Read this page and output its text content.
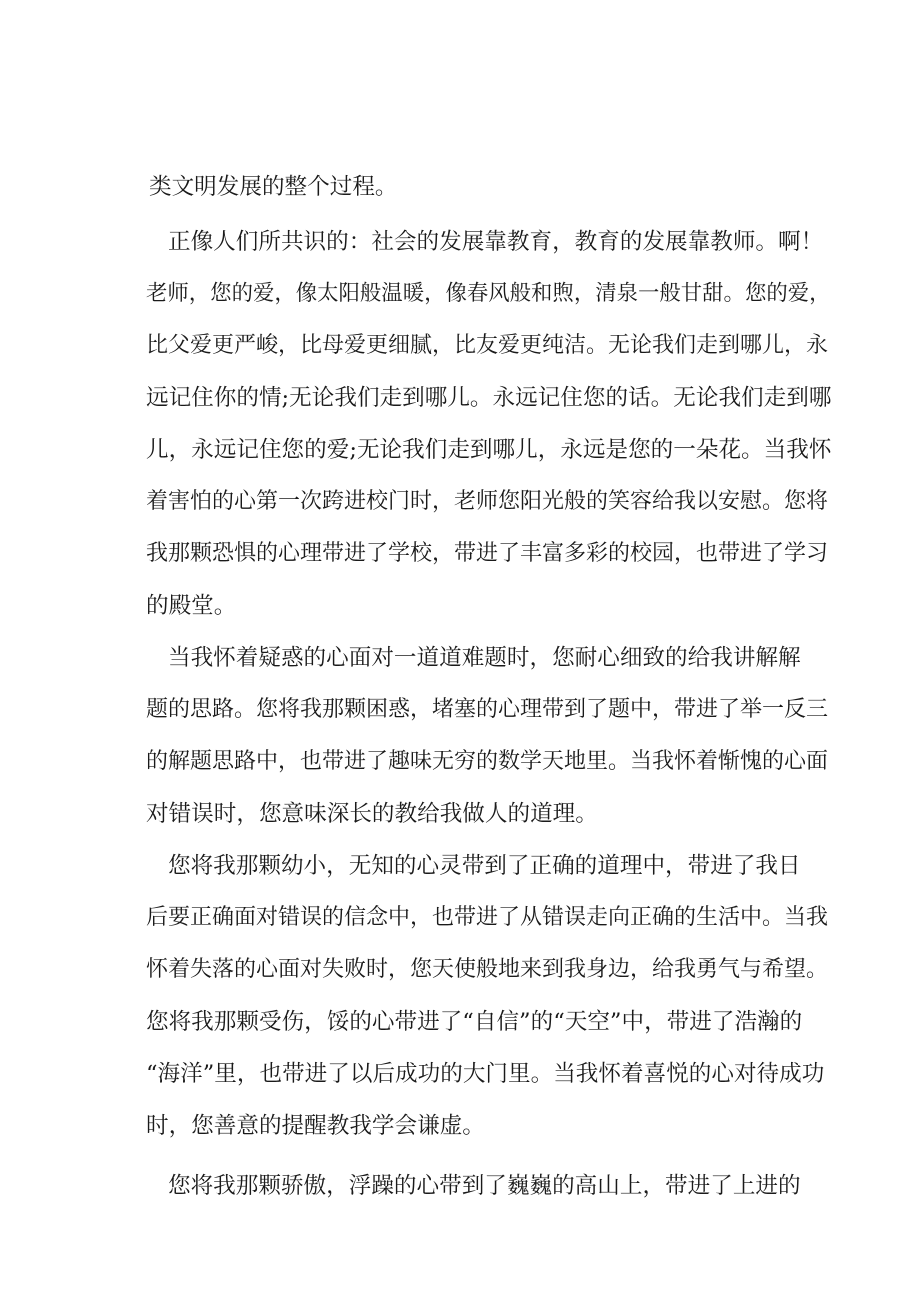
类文明发展的整个过程。
正像人们所共识的：社会的发展靠教育，教育的发展靠教师。啊！
老师，您的爱，像太阳般温暖，像春风般和煦，清泉一般甘甜。您的爱，
比父爱更严峻，比母爱更细腻，比友爱更纯洁。无论我们走到哪儿，永
远记住你的情;无论我们走到哪儿。永远记住您的话。无论我们走到哪
儿，永远记住您的爱;无论我们走到哪儿，永远是您的一朵花。当我怀
着害怕的心第一次跨进校门时，老师您阳光般的笑容给我以安慰。您将
我那颗恐惧的心理带进了学校，带进了丰富多彩的校园，也带进了学习
的殿堂。
当我怀着疑惑的心面对一道道难题时，您耐心细致的给我讲解解
题的思路。您将我那颗困惑，堵塞的心理带到了题中，带进了举一反三
的解题思路中，也带进了趣味无穷的数学天地里。当我怀着惭愧的心面
对错误时，您意味深长的教给我做人的道理。
您将我那颗幼小，无知的心灵带到了正确的道理中，带进了我日
后要正确面对错误的信念中，也带进了从错误走向正确的生活中。当我
怀着失落的心面对失败时，您天使般地来到我身边，给我勇气与希望。
您将我那颗受伤，馁的心带进了“自信”的“天空”中，带进了浩瀚的
“海洋”里，也带进了以后成功的大门里。当我怀着喜悦的心对待成功
时，您善意的提醒教我学会谦虚。
您将我那颗骄傲，浮躁的心带到了巍巍的高山上，带进了上进的
